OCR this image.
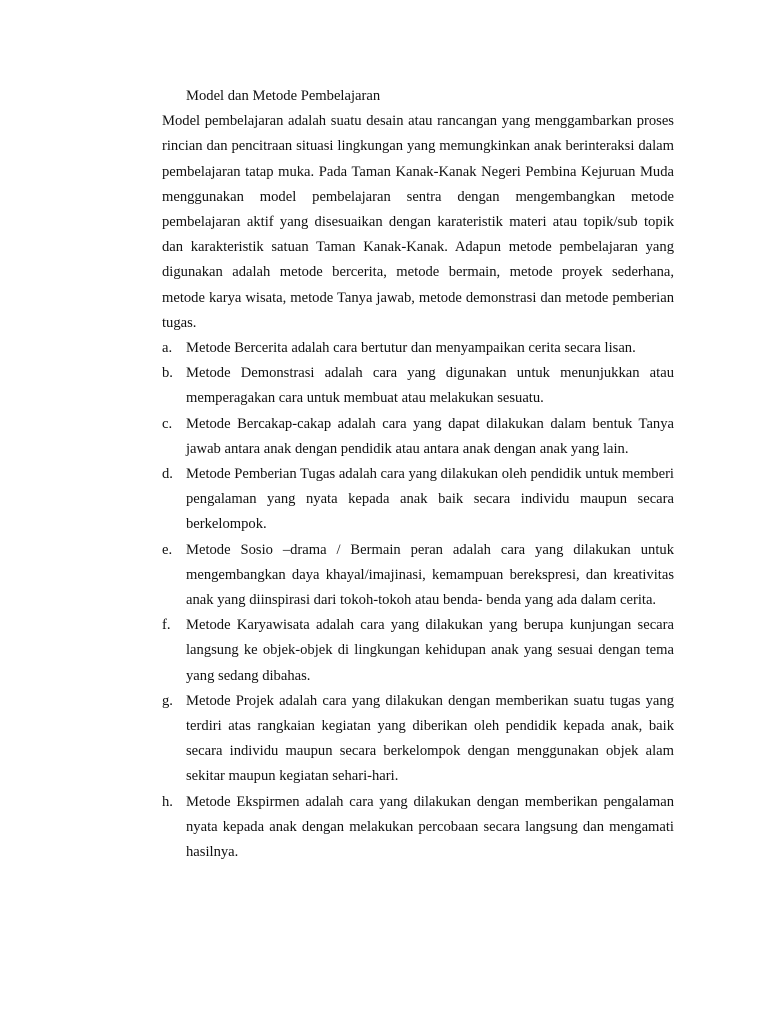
Model dan Metode Pembelajaran

Model pembelajaran adalah suatu desain atau rancangan yang menggambarkan proses rincian dan pencitraan situasi lingkungan yang memungkinkan anak berinteraksi dalam pembelajaran tatap muka. Pada Taman Kanak-Kanak Negeri Pembina Kejuruan Muda menggunakan model pembelajaran sentra dengan mengembangkan metode pembelajaran aktif yang disesuaikan dengan karateristik materi atau topik/sub topik dan karakteristik satuan Taman Kanak-Kanak. Adapun metode pembelajaran yang digunakan adalah metode bercerita, metode bermain, metode proyek sederhana, metode karya wisata, metode Tanya jawab, metode demonstrasi dan metode pemberian tugas.

a. Metode Bercerita adalah cara bertutur dan menyampaikan cerita secara lisan.
b. Metode Demonstrasi adalah cara yang digunakan untuk menunjukkan atau memperagakan cara untuk membuat atau melakukan sesuatu.
c. Metode Bercakap-cakap adalah cara yang dapat dilakukan dalam bentuk Tanya jawab antara anak dengan pendidik atau antara anak dengan anak yang lain.
d. Metode Pemberian Tugas adalah cara yang dilakukan oleh pendidik untuk memberi pengalaman yang nyata kepada anak baik secara individu maupun secara berkelompok.
e. Metode Sosio –drama / Bermain peran adalah cara yang dilakukan untuk mengembangkan daya khayal/imajinasi, kemampuan berekspresi, dan kreativitas anak yang diinspirasi dari tokoh-tokoh atau benda- benda yang ada dalam cerita.
f.	Metode Karyawisata adalah cara yang dilakukan yang berupa kunjungan secara langsung ke objek-objek di lingkungan kehidupan anak yang sesuai dengan tema yang sedang dibahas.
g. Metode Projek adalah cara yang dilakukan dengan memberikan suatu tugas yang terdiri atas rangkaian kegiatan yang diberikan oleh pendidik kepada anak, baik secara individu maupun secara berkelompok dengan menggunakan objek alam sekitar maupun kegiatan sehari-hari.
h. Metode Ekspirmen adalah cara yang dilakukan dengan memberikan pengalaman nyata kepada anak dengan melakukan percobaan secara langsung dan mengamati hasilnya.
